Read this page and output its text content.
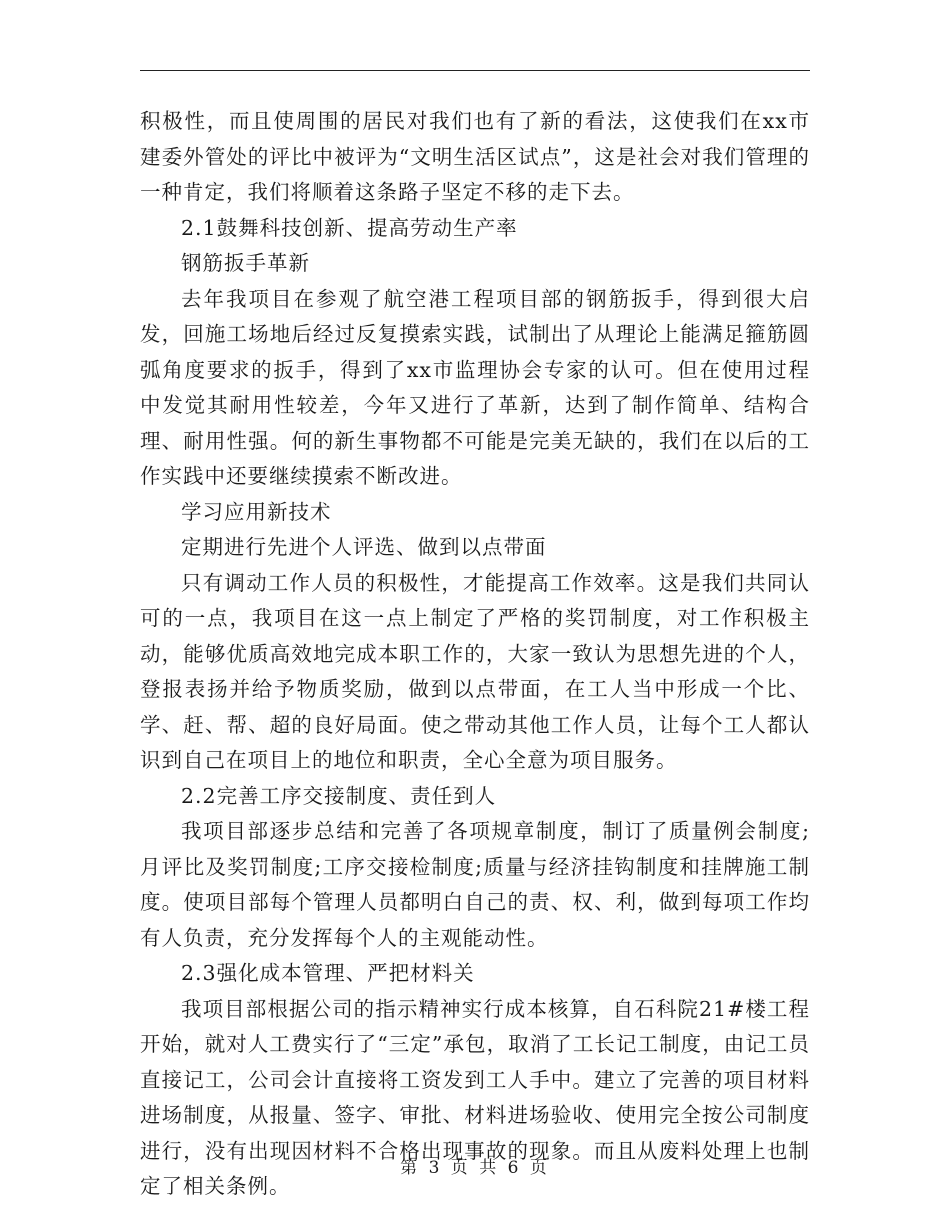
积极性，而且使周围的居民对我们也有了新的看法，这使我们在xx市建委外管处的评比中被评为“文明生活区试点”，这是社会对我们管理的一种肯定，我们将顺着这条路子坚定不移的走下去。

2.1鼓舞科技创新、提高劳动生产率

钢筋扳手革新

去年我项目在参观了航空港工程项目部的钢筋扳手，得到很大启发，回施工场地后经过反复摸索实践，试制出了从理论上能满足箍筋圆弧角度要求的扳手，得到了xx市监理协会专家的认可。但在使用过程中发觉其耐用性较差，今年又进行了革新，达到了制作简单、结构合理、耐用性强。何的新生事物都不可能是完美无缺的，我们在以后的工作实践中还要继续摸索不断改进。

学习应用新技术

定期进行先进个人评选、做到以点带面

只有调动工作人员的积极性，才能提高工作效率。这是我们共同认可的一点，我项目在这一点上制定了严格的奖罚制度，对工作积极主动，能够优质高效地完成本职工作的，大家一致认为思想先进的个人，登报表扬并给予物质奖励，做到以点带面，在工人当中形成一个比、学、赶、帮、超的良好局面。使之带动其他工作人员，让每个工人都认识到自己在项目上的地位和职责，全心全意为项目服务。

2.2完善工序交接制度、责任到人

我项目部逐步总结和完善了各项规章制度，制订了质量例会制度;月评比及奖罚制度;工序交接检制度;质量与经济挂钩制度和挂牌施工制度。使项目部每个管理人员都明白自己的责、权、利，做到每项工作均有人负责，充分发挥每个人的主观能动性。

2.3强化成本管理、严把材料关

我项目部根据公司的指示精神实行成本核算，自石科院21#楼工程开始，就对人工费实行了“三定”承包，取消了工长记工制度，由记工员直接记工，公司会计直接将工资发到工人手中。建立了完善的项目材料进场制度，从报量、签字、审批、材料进场验收、使用完全按公司制度进行，没有出现因材料不合格出现事故的现象。而且从废料处理上也制定了相关条例。

第 3 页 共 6 页
